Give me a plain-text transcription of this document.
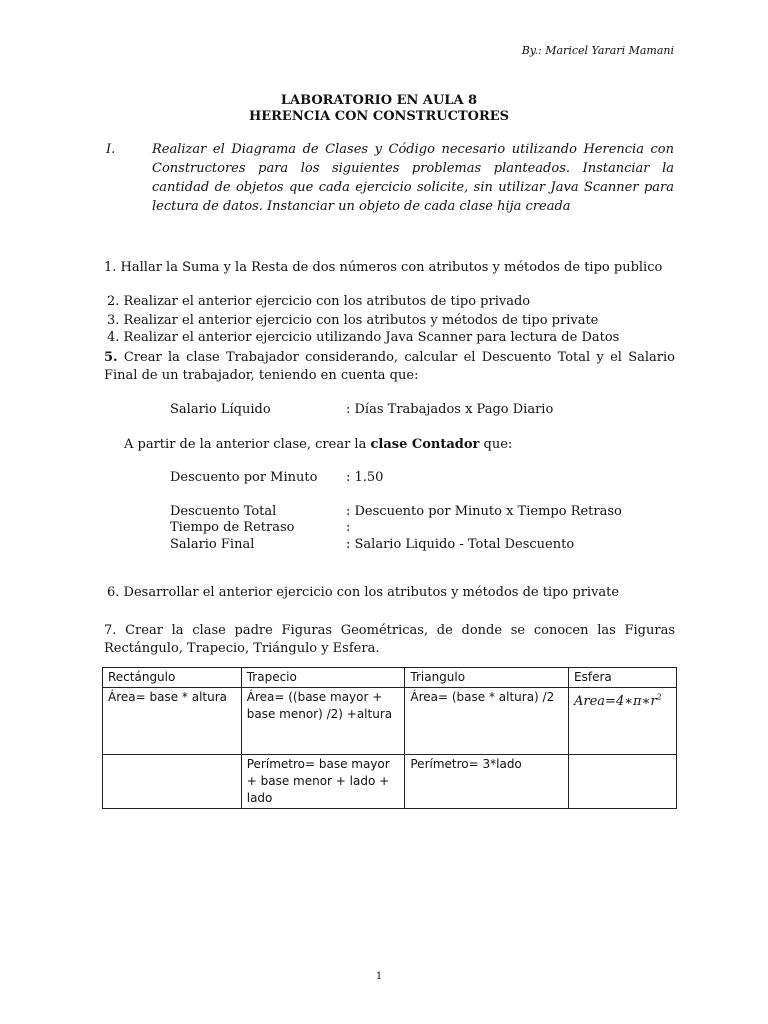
By.: Maricel Yarari Mamani
LABORATORIO EN AULA 8
HERENCIA CON CONSTRUCTORES
I.	Realizar el Diagrama de Clases y Código necesario utilizando Herencia con Constructores para los siguientes problemas planteados. Instanciar la cantidad de objetos que cada ejercicio solicite, sin utilizar Java Scanner para lectura de datos. Instanciar un objeto de cada clase hija creada
1. Hallar la Suma y la Resta de dos números con atributos y métodos de tipo publico
2. Realizar el anterior ejercicio con los atributos de tipo privado
3. Realizar el anterior ejercicio con los atributos y métodos de tipo private
4. Realizar el anterior ejercicio utilizando Java Scanner para lectura de Datos
5. Crear la clase Trabajador considerando, calcular el Descuento Total y el Salario Final de un trabajador, teniendo en cuenta que:
Salario Líquido	: Días Trabajados x Pago Diario
A partir de la anterior clase, crear la clase Contador que:
Descuento por Minuto : 1.50
Descuento Total	: Descuento por Minuto x Tiempo Retraso
Tiempo de Retraso	:
Salario Final	: Salario Liquido - Total Descuento
6. Desarrollar el anterior ejercicio con los atributos y métodos de tipo private
7. Crear la clase padre Figuras Geométricas, de donde se conocen las Figuras Rectángulo, Trapecio, Triángulo y Esfera.
Rectángulo	Trapecio	Triangulo	Esfera
Área= base * altura	Área= ((base mayor + base menor) /2) +altura	Área= (base * altura) /2	$Area=4∗\pi∗r^2$
	Perímetro= base mayor + base menor + lado + lado	Perímetro= 3*lado	
1
